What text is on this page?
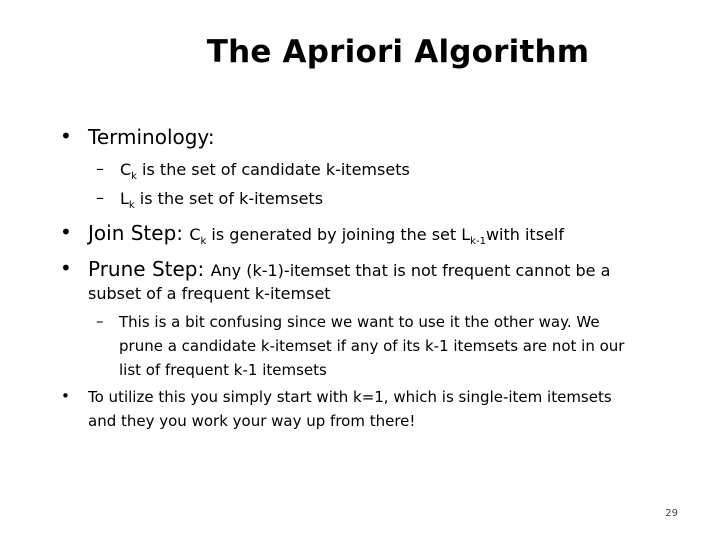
The Apriori Algorithm
• Terminology:
– $C_k$ is the set of candidate k-itemsets
– $L_k$ is the set of k-itemsets
• Join Step: $C_k$ is generated by joining the set $L_{k-1}with$ itself
• Prune Step: Any (k-1)-itemset that is not frequent cannot be a
subset of a frequent k-itemset
– This is a bit confusing since we want to use it the other way. We
prune a candidate k-itemset if any of its k-1 itemsets are not in our
list of frequent k-1 itemsets
• To utilize this you simply start with k=1, which is single-item itemsets
and they you work your way up from there!
29
